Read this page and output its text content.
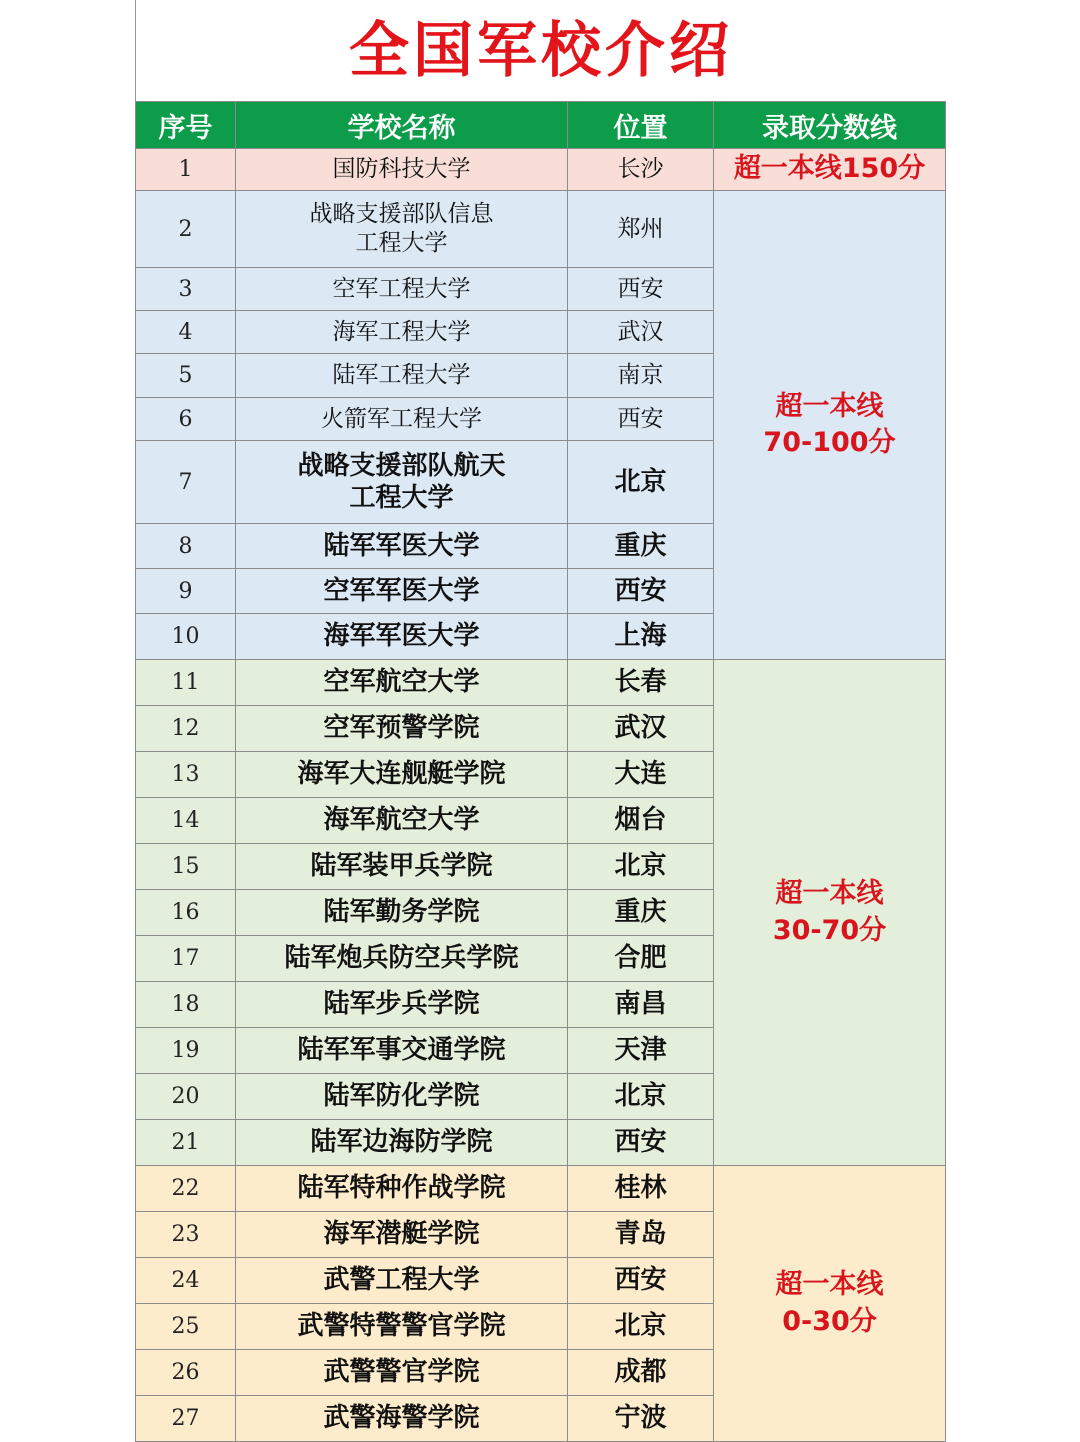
全国军校介绍
序号	学校名称	位置	录取分数线
1	国防科技大学	长沙	超一本线150分

2	战略支援部队信息
工程大学	郑州	超一本线
70-100分

3	空军工程大学	西安	
4	海军工程大学	武汉	
5	陆军工程大学	南京	
6	火箭军工程大学	西安	
7	战略支援部队航天
工程大学	北京	
8	陆军军医大学	重庆	
9	空军军医大学	西安	
10	海军军医大学	上海	
11	空军航空大学	长春	超一本线
30-70分

12	空军预警学院	武汉	
13	海军大连舰艇学院	大连	
14	海军航空大学	烟台	
15	陆军装甲兵学院	北京	
16	陆军勤务学院	重庆	
17	陆军炮兵防空兵学院	合肥	
18	陆军步兵学院	南昌	
19	陆军军事交通学院	天津	
20	陆军防化学院	北京	
21	陆军边海防学院	西安	
22	陆军特种作战学院	桂林	超一本线
0-30分

23	海军潜艇学院	青岛	
24	武警工程大学	西安	
25	武警特警警官学院	北京	
26	武警警官学院	成都	
27	武警海警学院	宁波	
